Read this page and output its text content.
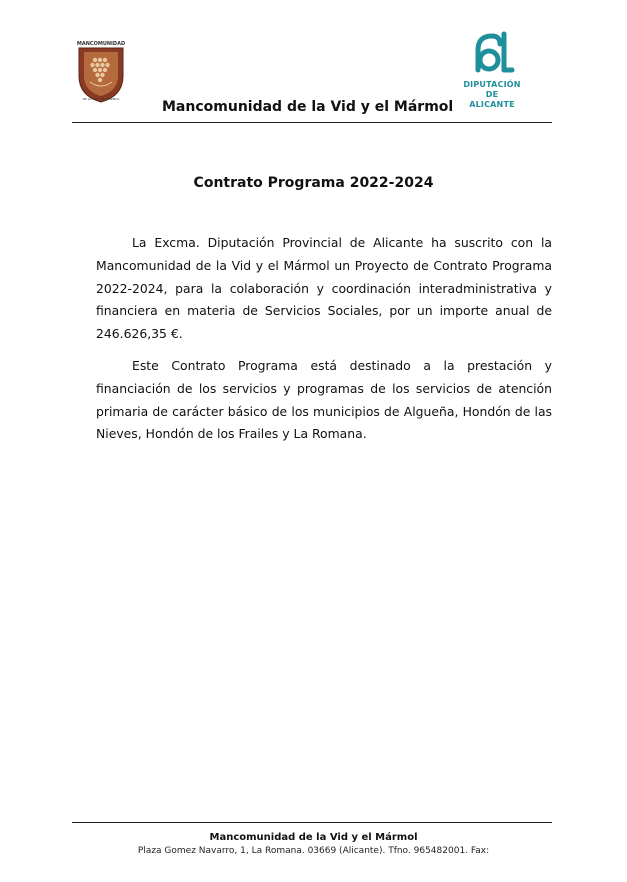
MANCOMUNIDAD
DE LA VID Y EL MÁRMOL
DIPUTACIÓN
DE ALICANTE
Mancomunidad de la Vid y el Mármol
Contrato Programa 2022-2024

La Excma. Diputación Provincial de Alicante ha suscrito con la Mancomunidad de la Vid y el Mármol un Proyecto de Contrato Programa 2022-2024, para la colaboración y coordinación interadministrativa y financiera en materia de Servicios Sociales, por un importe anual de 246.626,35 €.

Este Contrato Programa está destinado a la prestación y financiación de los servicios y programas de los servicios de atención primaria de carácter básico de los municipios de Algueña, Hondón de las Nieves, Hondón de los Frailes y La Romana.

Mancomunidad de la Vid y el Mármol
Plaza Gomez Navarro, 1, La Romana. 03669 (Alicante). Tfno. 965482001. Fax:
